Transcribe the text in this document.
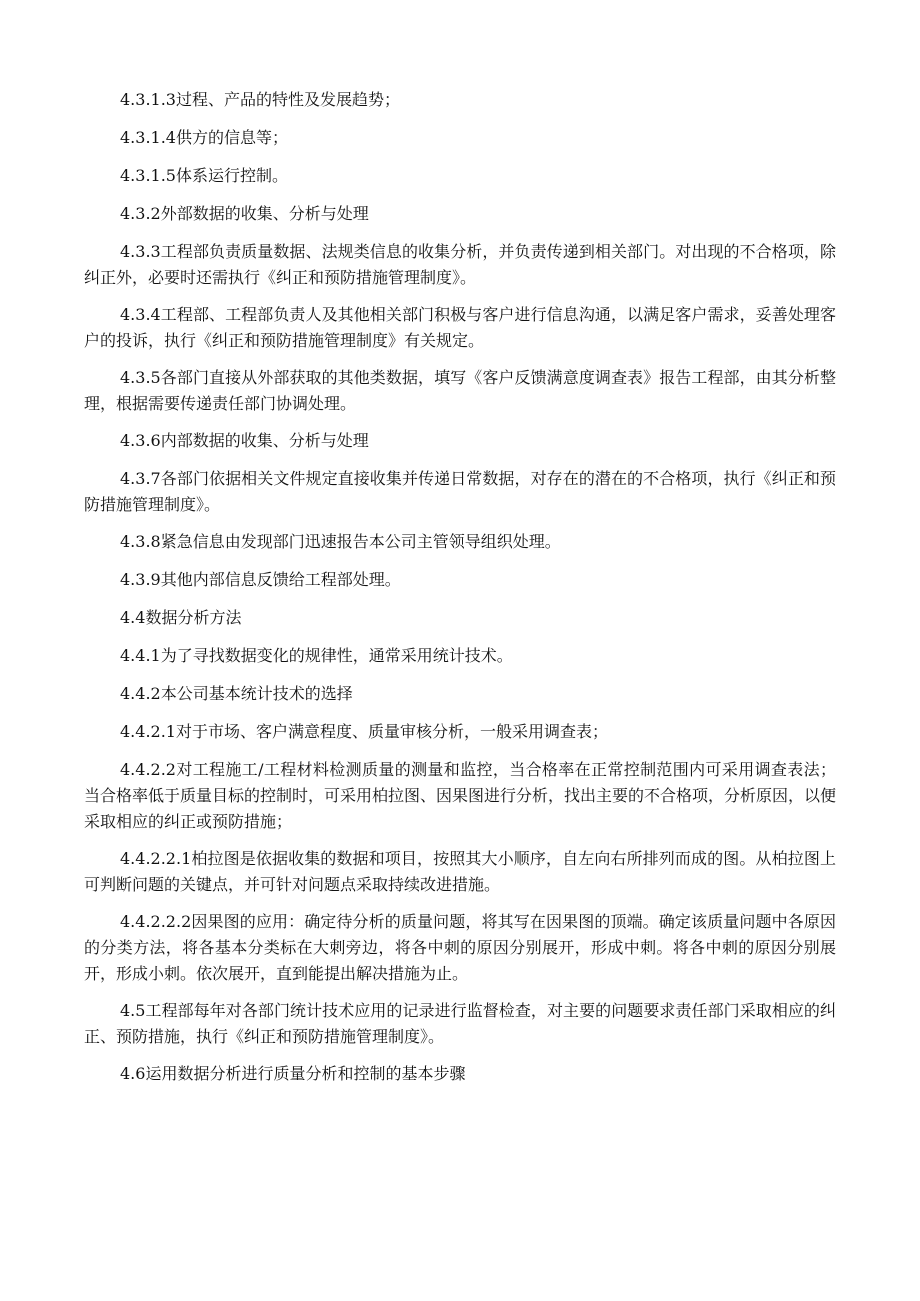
4.3.1.3过程、产品的特性及发展趋势；

4.3.1.4供方的信息等；

4.3.1.5体系运行控制。

4.3.2外部数据的收集、分析与处理

4.3.3工程部负责质量数据、法规类信息的收集分析，并负责传递到相关部门。对出现的不合格项，除纠正外，必要时还需执行《纠正和预防措施管理制度》。

4.3.4工程部、工程部负责人及其他相关部门积极与客户进行信息沟通，以满足客户需求，妥善处理客户的投诉，执行《纠正和预防措施管理制度》有关规定。

4.3.5各部门直接从外部获取的其他类数据，填写《客户反馈满意度调查表》报告工程部，由其分析整理，根据需要传递责任部门协调处理。

4.3.6内部数据的收集、分析与处理

4.3.7各部门依据相关文件规定直接收集并传递日常数据，对存在的潜在的不合格项，执行《纠正和预防措施管理制度》。

4.3.8紧急信息由发现部门迅速报告本公司主管领导组织处理。

4.3.9其他内部信息反馈给工程部处理。

4.4数据分析方法

4.4.1为了寻找数据变化的规律性，通常采用统计技术。

4.4.2本公司基本统计技术的选择

4.4.2.1对于市场、客户满意程度、质量审核分析，一般采用调查表；

4.4.2.2对工程施工/工程材料检测质量的测量和监控，当合格率在正常控制范围内可采用调查表法；当合格率低于质量目标的控制时，可采用柏拉图、因果图进行分析，找出主要的不合格项，分析原因，以便采取相应的纠正或预防措施；

4.4.2.2.1柏拉图是依据收集的数据和项目，按照其大小顺序，自左向右所排列而成的图。从柏拉图上可判断问题的关键点，并可针对问题点采取持续改进措施。

4.4.2.2.2因果图的应用：确定待分析的质量问题，将其写在因果图的顶端。确定该质量问题中各原因的分类方法，将各基本分类标在大刺旁边，将各中刺的原因分别展开，形成中刺。将各中刺的原因分别展开，形成小刺。依次展开，直到能提出解决措施为止。

4.5工程部每年对各部门统计技术应用的记录进行监督检查，对主要的问题要求责任部门采取相应的纠正、预防措施，执行《纠正和预防措施管理制度》。

4.6运用数据分析进行质量分析和控制的基本步骤
